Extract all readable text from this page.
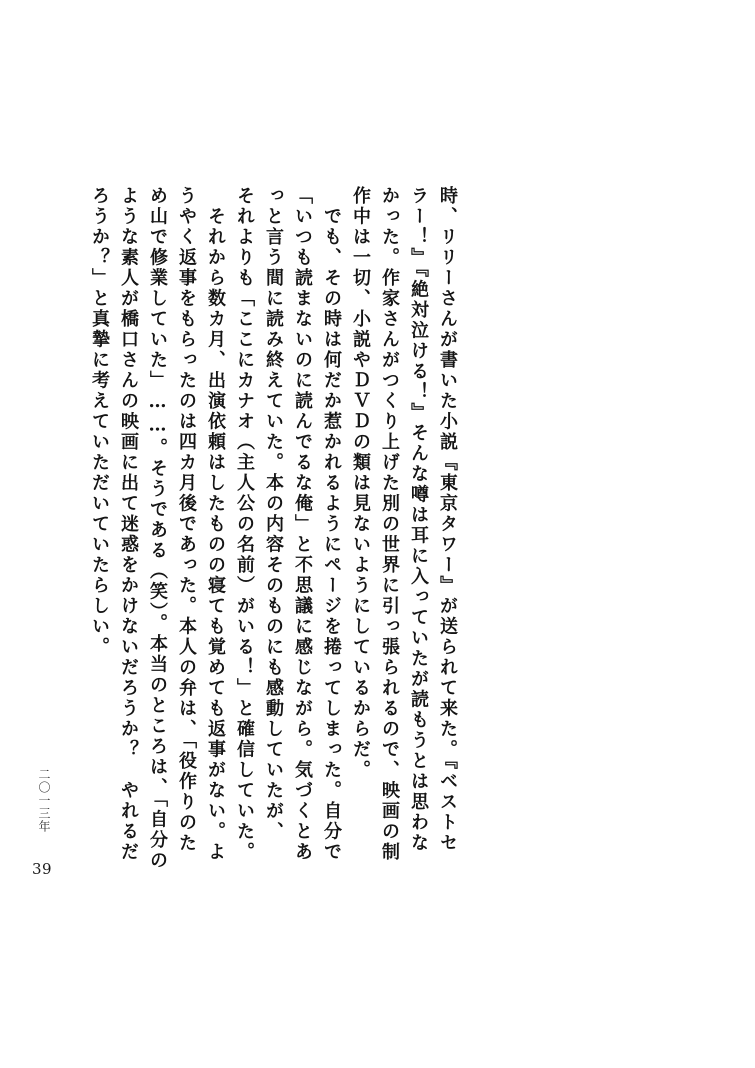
時、リリーさんが書いた小説『東京タワー』が送られて来た。『ベストセ
ラー！』『絶対泣ける！』そんな噂は耳に入っていたが読もうとは思わな
かった。作家さんがつくり上げた別の世界に引っ張られるので、映画の制
作中は一切、小説やＤＶＤの類は見ないようにしているからだ。
　でも、その時は何だか惹かれるようにページを捲ってしまった。自分で
「いつも読まないのに読んでるな俺」と不思議に感じながら。気づくとあ
っと言う間に読み終えていた。本の内容そのものにも感動していたが、
それよりも「ここにカナオ（主人公の名前）がいる！」と確信していた。
　それから数カ月、出演依頼はしたものの寝ても覚めても返事がない。よ
うやく返事をもらったのは四カ月後であった。本人の弁は、「役作りのた
め山で修業していた」……。そうである（笑）。本当のところは、「自分の
ような素人が橋口さんの映画に出て迷惑をかけないだろうか？　やれるだ
ろうか？」と真摯に考えていただいていたらしい。
二〇一三年
39
